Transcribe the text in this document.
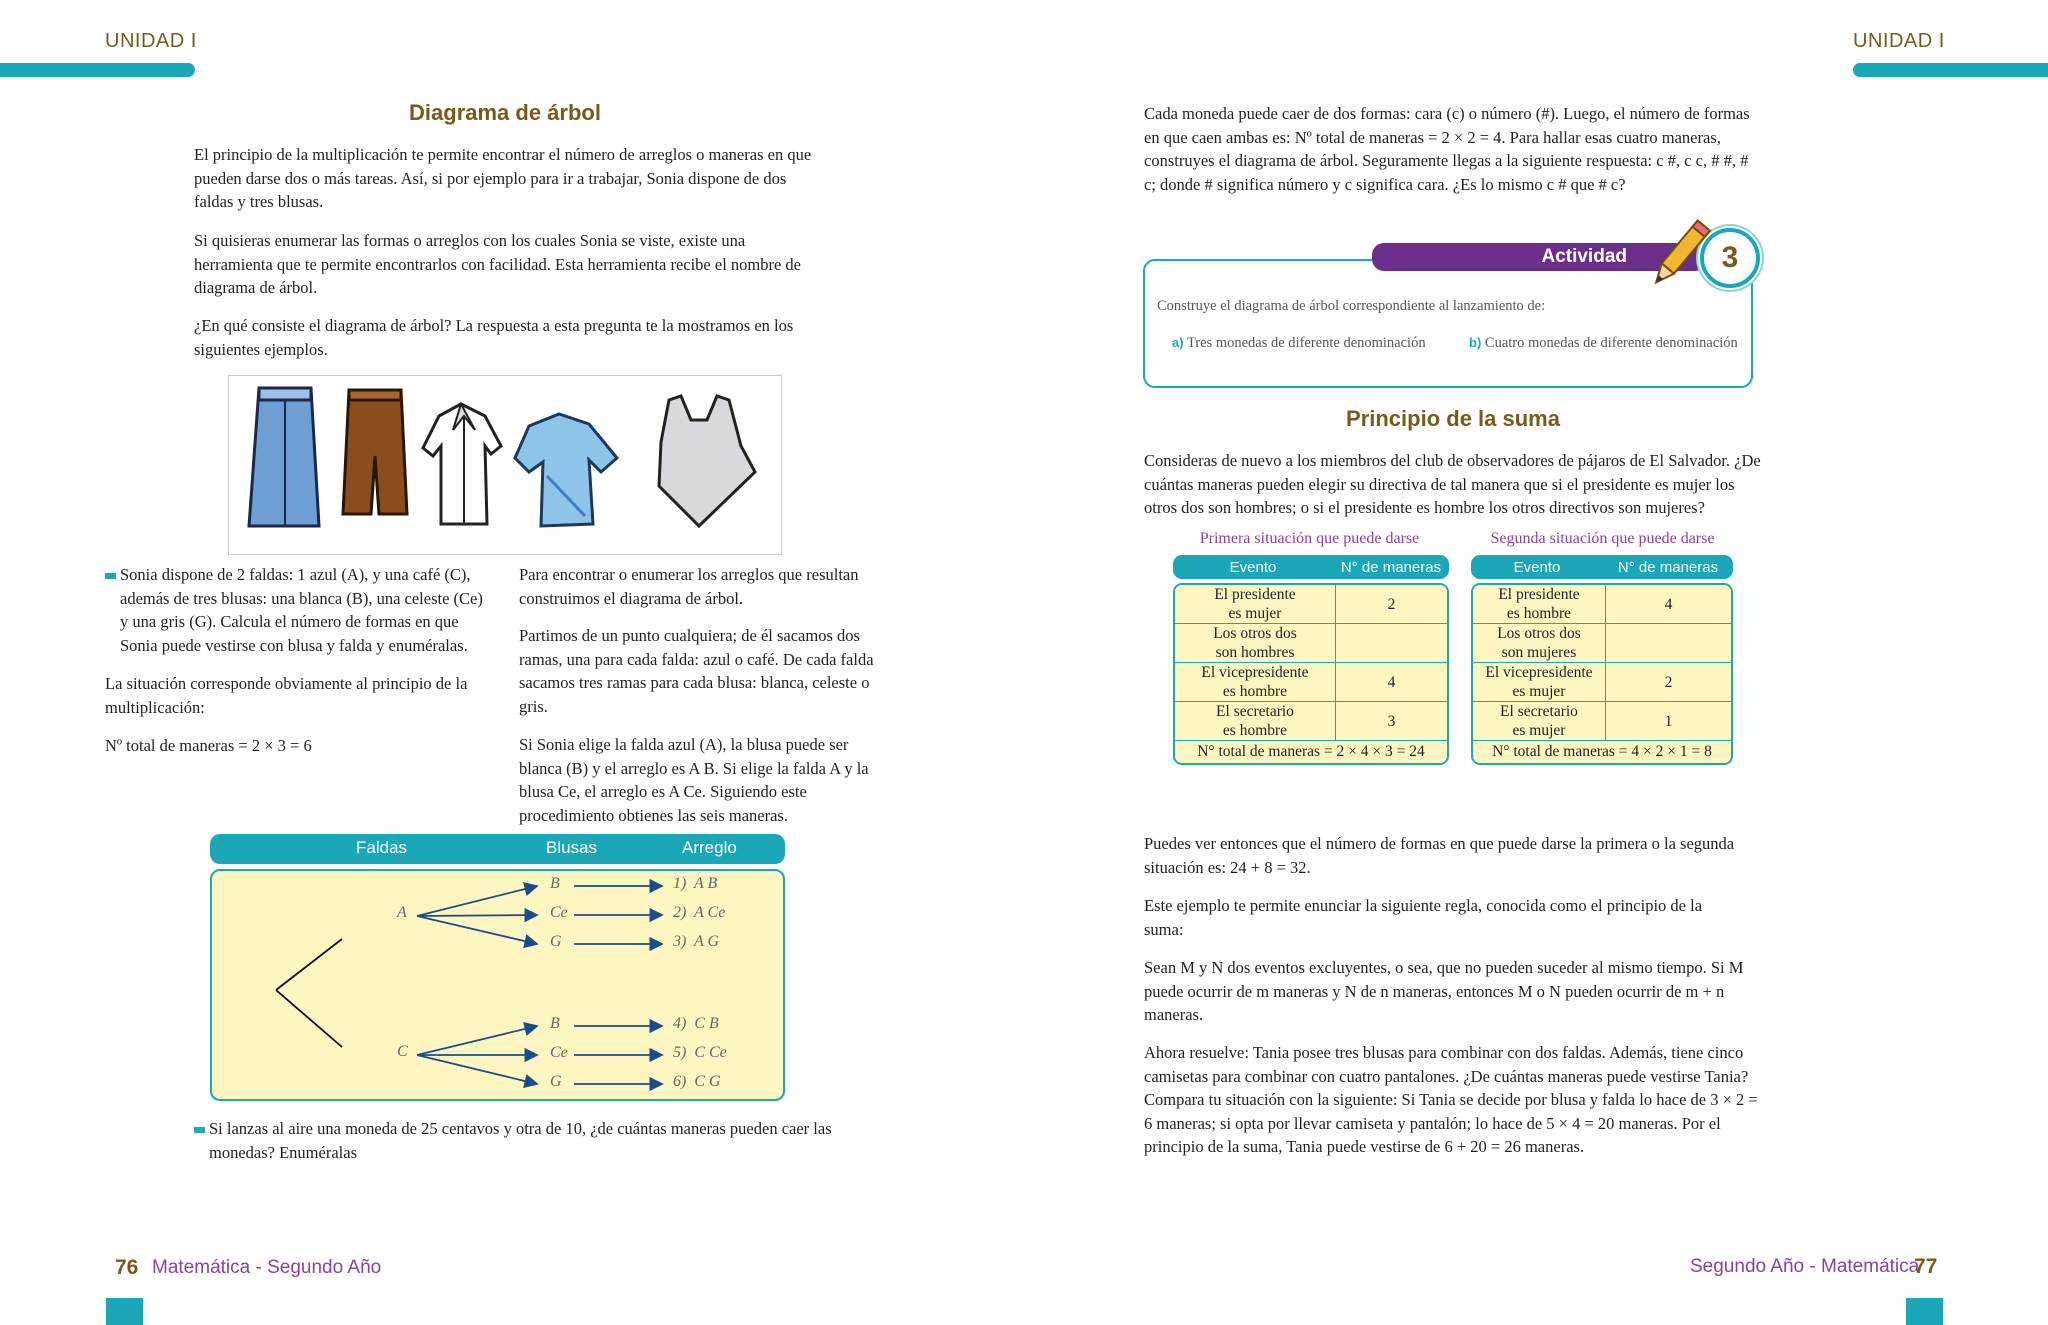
UNIDAD I	UNIDAD I
Diagrama de árbol

El principio de la multiplicación te permite encontrar el número de arreglos o maneras en que pueden darse dos o más tareas. Así, si por ejemplo para ir a trabajar, Sonia dispone de dos faldas y tres blusas.

Si quisieras enumerar las formas o arreglos con los cuales Sonia se viste, existe una herramienta que te permite encontrarlos con facilidad. Esta herramienta recibe el nombre de diagrama de árbol.

¿En qué consiste el diagrama de árbol? La respuesta a esta pregunta te la mostramos en los siguientes ejemplos.

Sonia dispone de 2 faldas: 1 azul (A), y una café (C), además de tres blusas: una blanca (B), una celeste (Ce) y una gris (G). Calcula el número de formas en que Sonia puede vestirse con blusa y falda y enuméralas.

La situación corresponde obviamente al principio de la multiplicación:

Nº total de maneras = 2 × 3 = 6

Para encontrar o enumerar los arreglos que resultan construimos el diagrama de árbol.

Partimos de un punto cualquiera; de él sacamos dos ramas, una para cada falda: azul o café. De cada falda sacamos tres ramas para cada blusa: blanca, celeste o gris.

Si Sonia elige la falda azul (A), la blusa puede ser blanca (B) y el arreglo es A B. Si elige la falda A y la blusa Ce, el arreglo es A Ce. Siguiendo este procedimiento obtienes las seis maneras.

Faldas	Blusas	Arreglo
A
C
B
Ce
G
B
Ce
G
1)  A B
2)  A Ce
3)  A G
4)  C B
5)  C Ce
6)  C G

Si lanzas al aire una moneda de 25 centavos y otra de 10, ¿de cuántas maneras pueden caer las monedas? Enuméralas

Cada moneda puede caer de dos formas: cara (c) o número (#). Luego, el número de formas en que caen ambas es: Nº total de maneras = 2 × 2 = 4. Para hallar esas cuatro maneras, construyes el diagrama de árbol. Seguramente llegas a la siguiente respuesta: c #, c c, # #, # c; donde # significa número y c significa cara. ¿Es lo mismo c # que # c?

Actividad	3
Construye el diagrama de árbol correspondiente al lanzamiento de:
a) Tres monedas de diferente denominación	b) Cuatro monedas de diferente denominación
Principio de la suma

Consideras de nuevo a los miembros del club de observadores de pájaros de El Salvador. ¿De cuántas maneras pueden elegir su directiva de tal manera que si el presidente es mujer los otros dos son hombres; o si el presidente es hombre los otros directivos son mujeres?

Primera situación que puede darse
Evento	N° de maneras
El presidente
es mujer	2
Los otros dos
son hombres	
El vicepresidente
es hombre	4
El secretario
es hombre	3
N° total de maneras = 2 × 4 × 3 = 24	
Segunda situación que puede darse
Evento	N° de maneras
El presidente
es hombre	4
Los otros dos
son mujeres	
El vicepresidente
es mujer	2
El secretario
es mujer	1
N° total de maneras = 4 × 2 × 1 = 8	

Puedes ver entonces que el número de formas en que puede darse la primera o la segunda situación es: 24 + 8 = 32.

Este ejemplo te permite enunciar la siguiente regla, conocida como el principio de la suma:

Sean M y N dos eventos excluyentes, o sea, que no pueden suceder al mismo tiempo. Si M puede ocurrir de m maneras y N de n maneras, entonces M o N pueden ocurrir de m + n maneras.

Ahora resuelve: Tania posee tres blusas para combinar con dos faldas. Además, tiene cinco camisetas para combinar con cuatro pantalones. ¿De cuántas maneras puede vestirse Tania? Compara tu situación con la siguiente: Si Tania se decide por blusa y falda lo hace de 3 × 2 = 6 maneras; si opta por llevar camiseta y pantalón; lo hace de 5 × 4 = 20 maneras. Por el principio de la suma, Tania puede vestirse de 6 + 20 = 26 maneras.

76 Matemática - Segundo Año	Segundo Año - Matemática
77
